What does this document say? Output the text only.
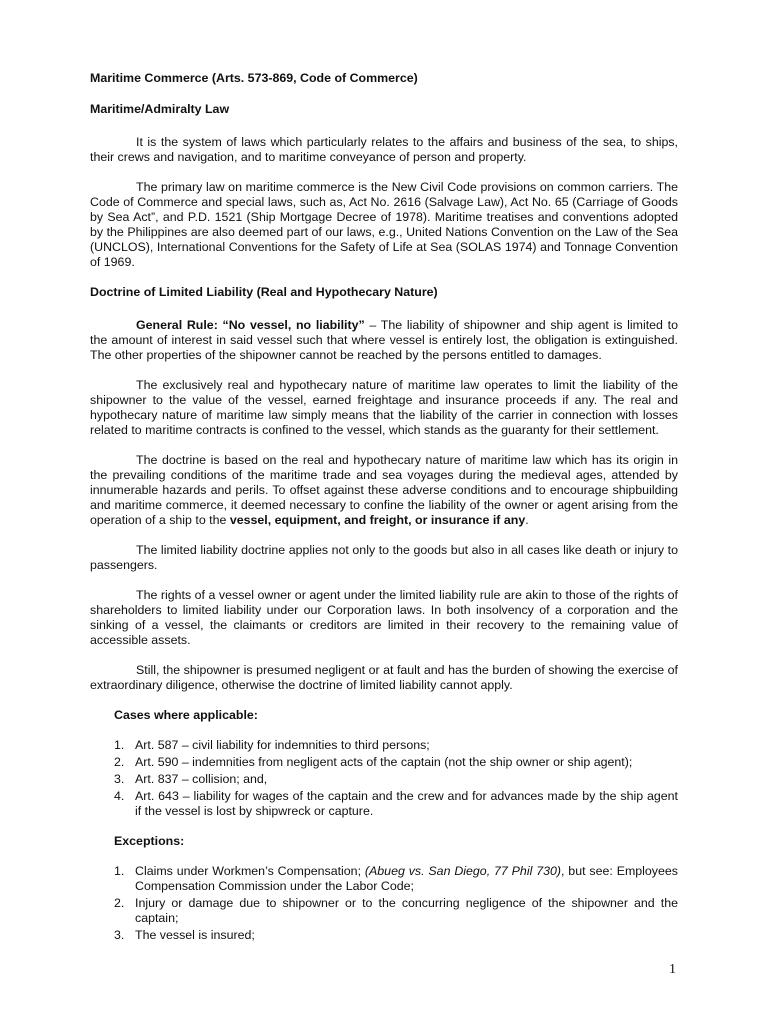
Maritime Commerce (Arts. 573-869, Code of Commerce)

Maritime/Admiralty Law

It is the system of laws which particularly relates to the affairs and business of the sea, to ships, their crews and navigation, and to maritime conveyance of person and property.

The primary law on maritime commerce is the New Civil Code provisions on common carriers. The Code of Commerce and special laws, such as, Act No. 2616 (Salvage Law), Act No. 65 (Carriage of Goods by Sea Act”, and P.D. 1521 (Ship Mortgage Decree of 1978). Maritime treatises and conventions adopted by the Philippines are also deemed part of our laws, e.g., United Nations Convention on the Law of the Sea (UNCLOS), International Conventions for the Safety of Life at Sea (SOLAS 1974) and Tonnage Convention of 1969.

Doctrine of Limited Liability (Real and Hypothecary Nature)

General Rule: “No vessel, no liability” – The liability of shipowner and ship agent is limited to the amount of interest in said vessel such that where vessel is entirely lost, the obligation is extinguished. The other properties of the shipowner cannot be reached by the persons entitled to damages.

The exclusively real and hypothecary nature of maritime law operates to limit the liability of the shipowner to the value of the vessel, earned freightage and insurance proceeds if any. The real and hypothecary nature of maritime law simply means that the liability of the carrier in connection with losses related to maritime contracts is confined to the vessel, which stands as the guaranty for their settlement.

The doctrine is based on the real and hypothecary nature of maritime law which has its origin in the prevailing conditions of the maritime trade and sea voyages during the medieval ages, attended by innumerable hazards and perils. To offset against these adverse conditions and to encourage shipbuilding and maritime commerce, it deemed necessary to confine the liability of the owner or agent arising from the operation of a ship to the vessel, equipment, and freight, or insurance if any.

The limited liability doctrine applies not only to the goods but also in all cases like death or injury to passengers.

The rights of a vessel owner or agent under the limited liability rule are akin to those of the rights of shareholders to limited liability under our Corporation laws. In both insolvency of a corporation and the sinking of a vessel, the claimants or creditors are limited in their recovery to the remaining value of accessible assets.

Still, the shipowner is presumed negligent or at fault and has the burden of showing the exercise of extraordinary diligence, otherwise the doctrine of limited liability cannot apply.

Cases where applicable:

1. Art. 587 – civil liability for indemnities to third persons;
2. Art. 590 – indemnities from negligent acts of the captain (not the ship owner or ship agent);
3. Art. 837 – collision; and,
4. Art. 643 – liability for wages of the captain and the crew and for advances made by the ship agent if the vessel is lost by shipwreck or capture.

Exceptions:

1. Claims under Workmen’s Compensation; (Abueg vs. San Diego, 77 Phil 730), but see: Employees Compensation Commission under the Labor Code;
2. Injury or damage due to shipowner or to the concurring negligence of the shipowner and the captain;
3. The vessel is insured;
1
